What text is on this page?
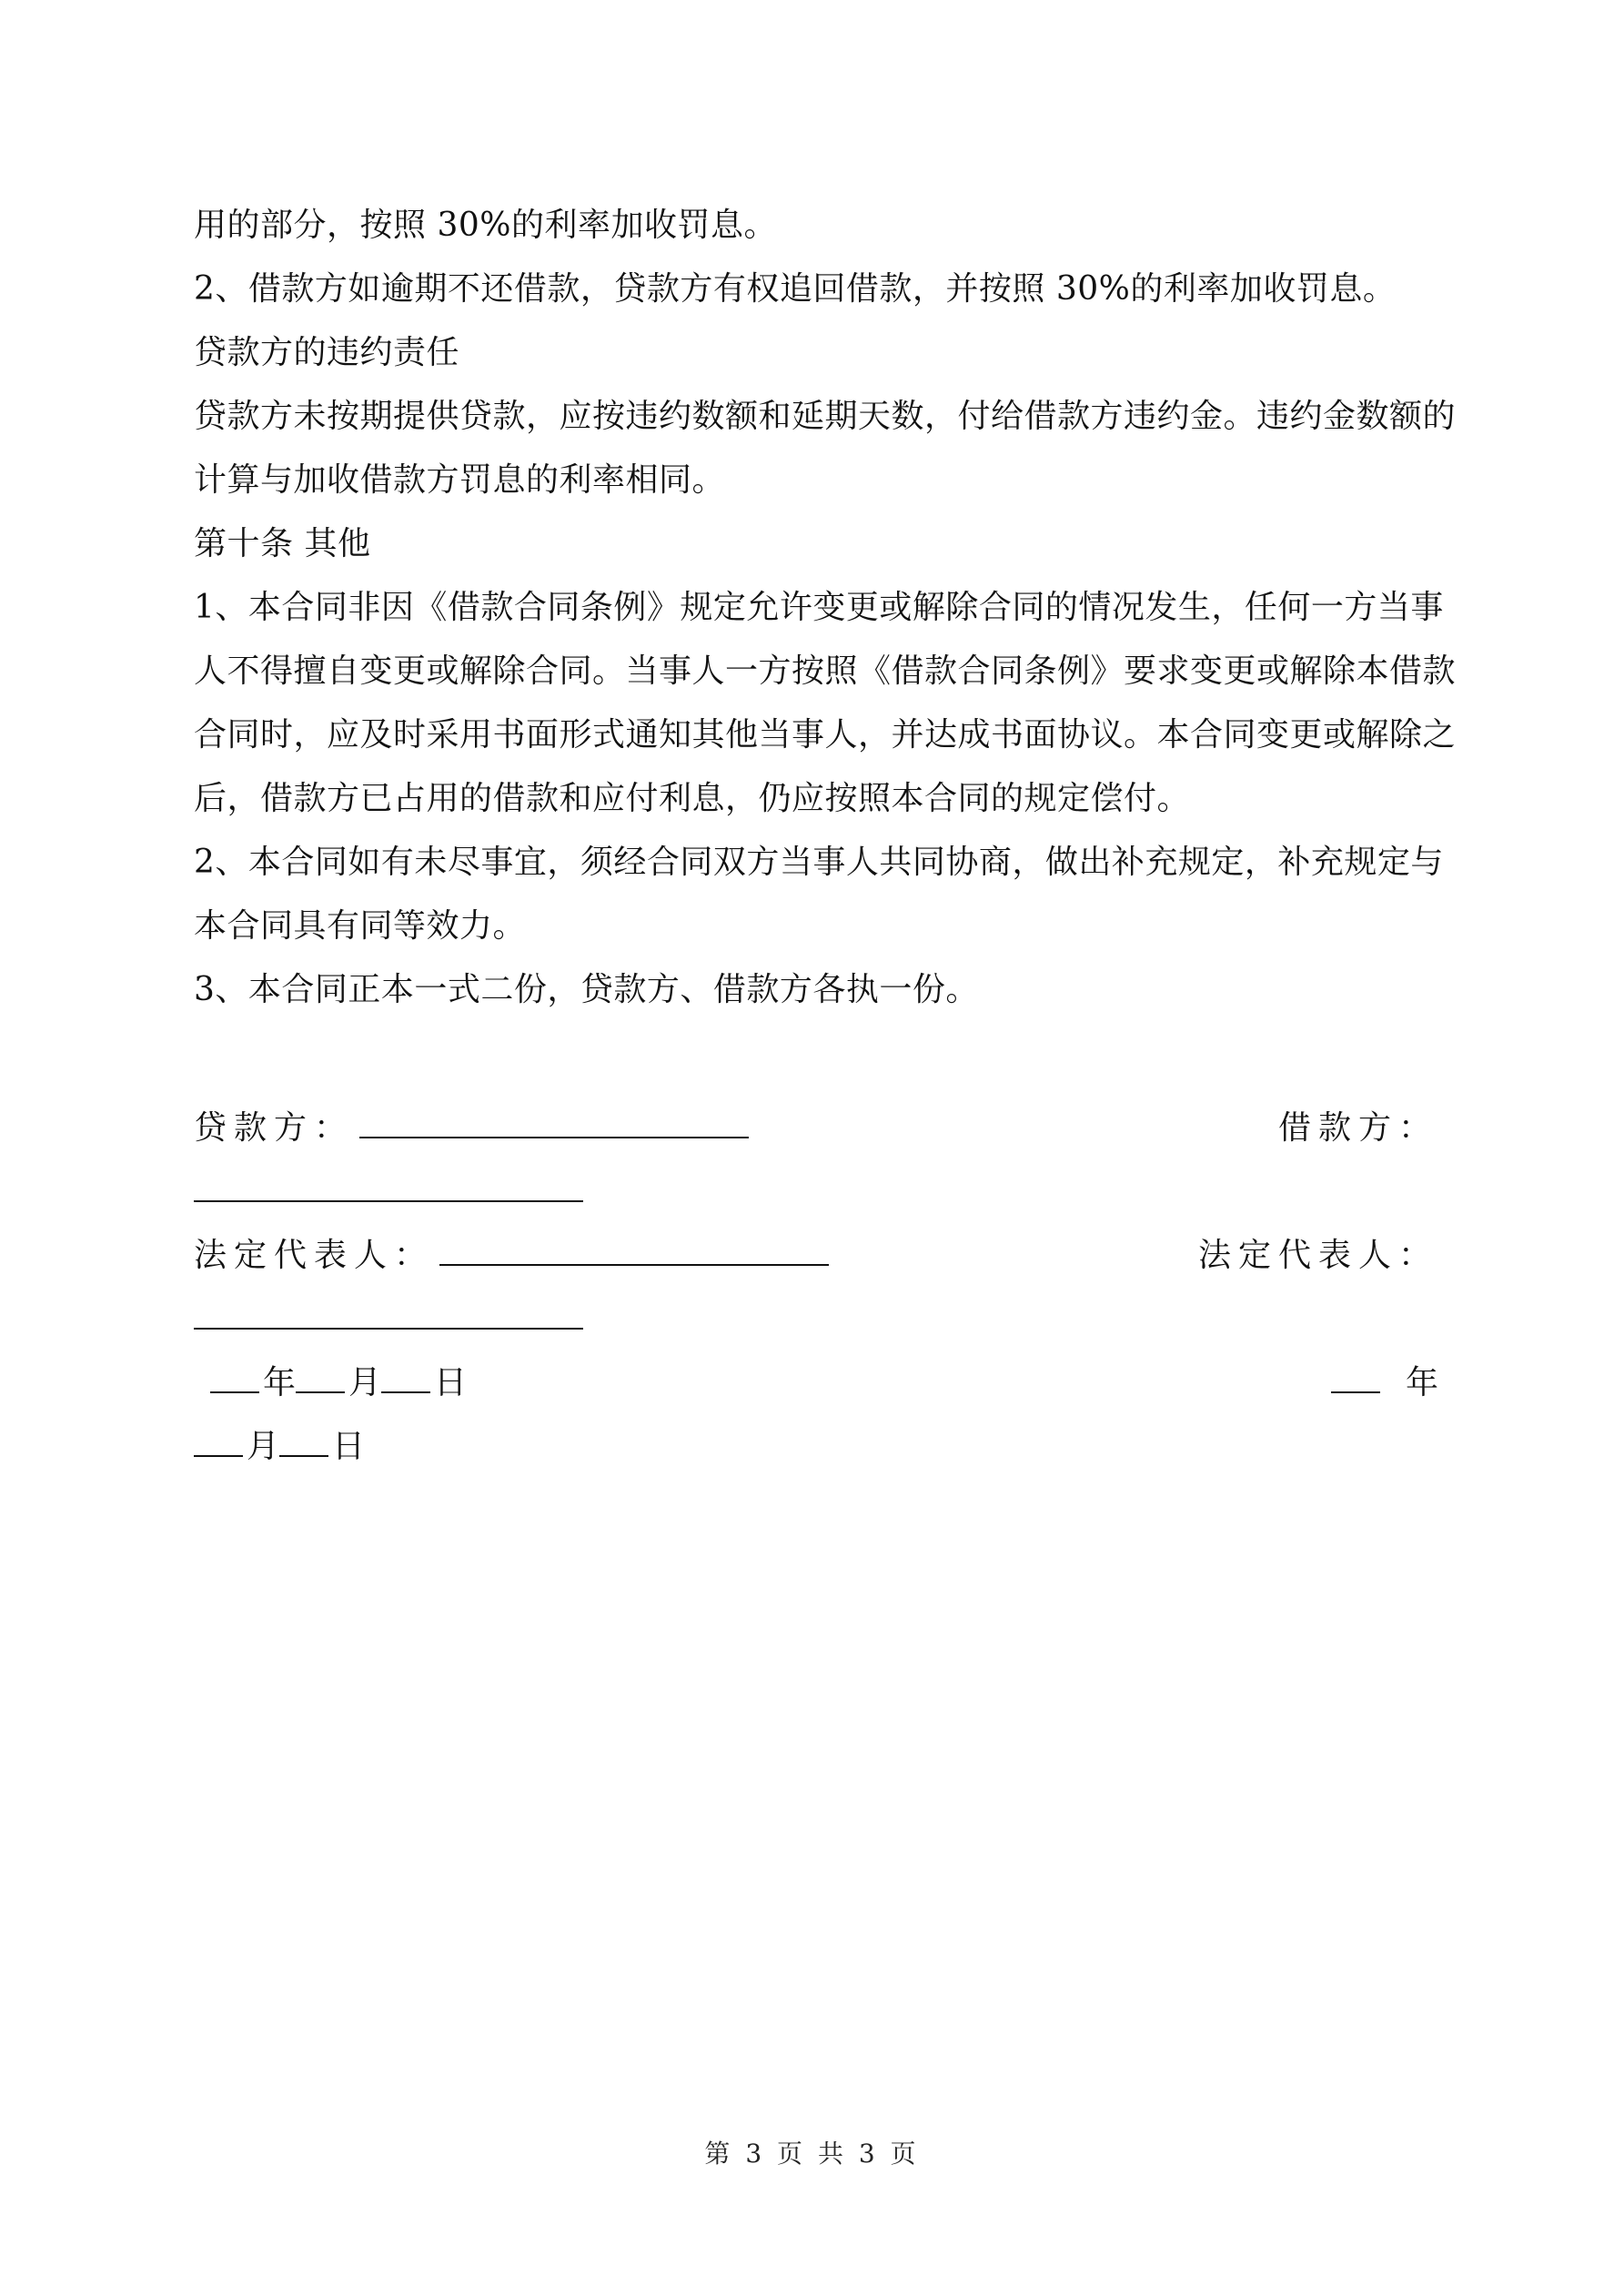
用的部分，按照 30%的利率加收罚息。
2、借款方如逾期不还借款，贷款方有权追回借款，并按照 30%的利率加收罚息。
贷款方的违约责任
贷款方未按期提供贷款，应按违约数额和延期天数，付给借款方违约金。违约金数额的
计算与加收借款方罚息的利率相同。
第十条 其他
1、本合同非因《借款合同条例》规定允许变更或解除合同的情况发生，任何一方当事
人不得擅自变更或解除合同。当事人一方按照《借款合同条例》要求变更或解除本借款
合同时，应及时采用书面形式通知其他当事人，并达成书面协议。本合同变更或解除之
后，借款方已占用的借款和应付利息，仍应按照本合同的规定偿付。
2、本合同如有未尽事宜，须经合同双方当事人共同协商，做出补充规定，补充规定与
本合同具有同等效力。
3、本合同正本一式二份，贷款方、借款方各执一份。
贷款方：	借款方：
法定代表人：	法定代表人：
年 月 日	年
月 日
第 3 页 共 3 页
